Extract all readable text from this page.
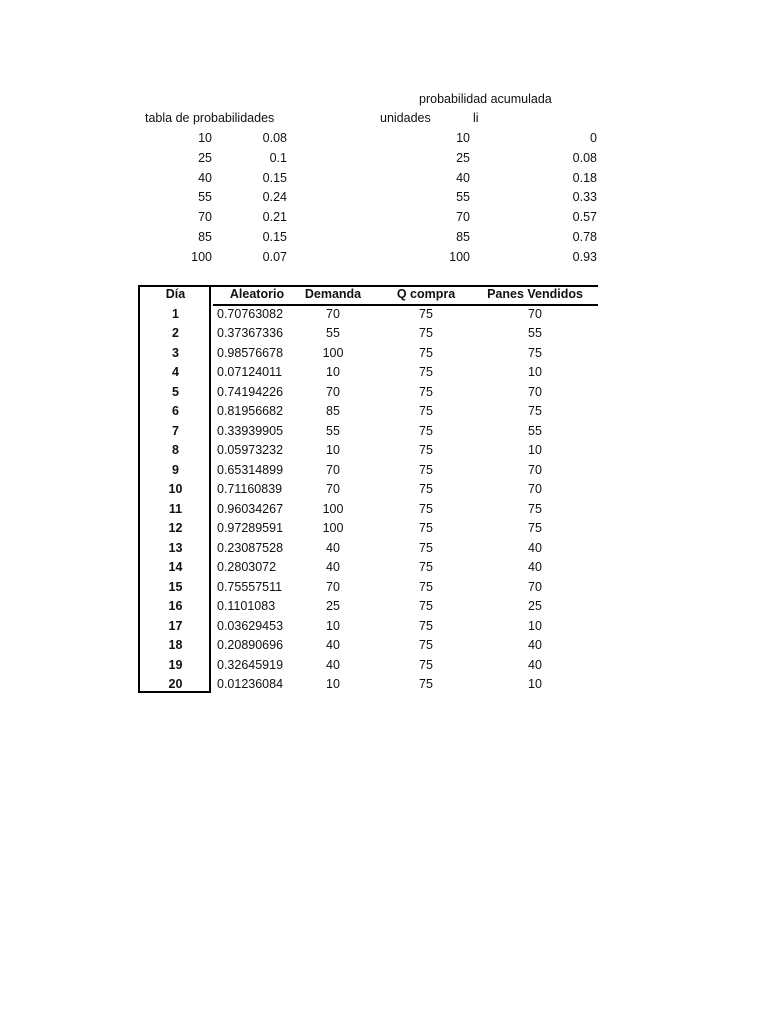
tabla de probabilidades
10	0.08
25	0.1
40	0.15
55	0.24
70	0.21
85	0.15
100	0.07
probabilidad acumulada
unidades	li
10	0
25	0.08
40	0.18
55	0.33
70	0.57
85	0.78
100	0.93
Día	Aleatorio	Demanda	Q compra	Panes Vendidos
1	0.70763082	70	75	70
2	0.37367336	55	75	55
3	0.98576678	100	75	75
4	0.07124011	10	75	10
5	0.74194226	70	75	70
6	0.81956682	85	75	75
7	0.33939905	55	75	55
8	0.05973232	10	75	10
9	0.65314899	70	75	70
10	0.71160839	70	75	70
11	0.96034267	100	75	75
12	0.97289591	100	75	75
13	0.23087528	40	75	40
14	0.2803072	40	75	40
15	0.75557511	70	75	70
16	0.1101083	25	75	25
17	0.03629453	10	75	10
18	0.20890696	40	75	40
19	0.32645919	40	75	40
20	0.01236084	10	75	10
